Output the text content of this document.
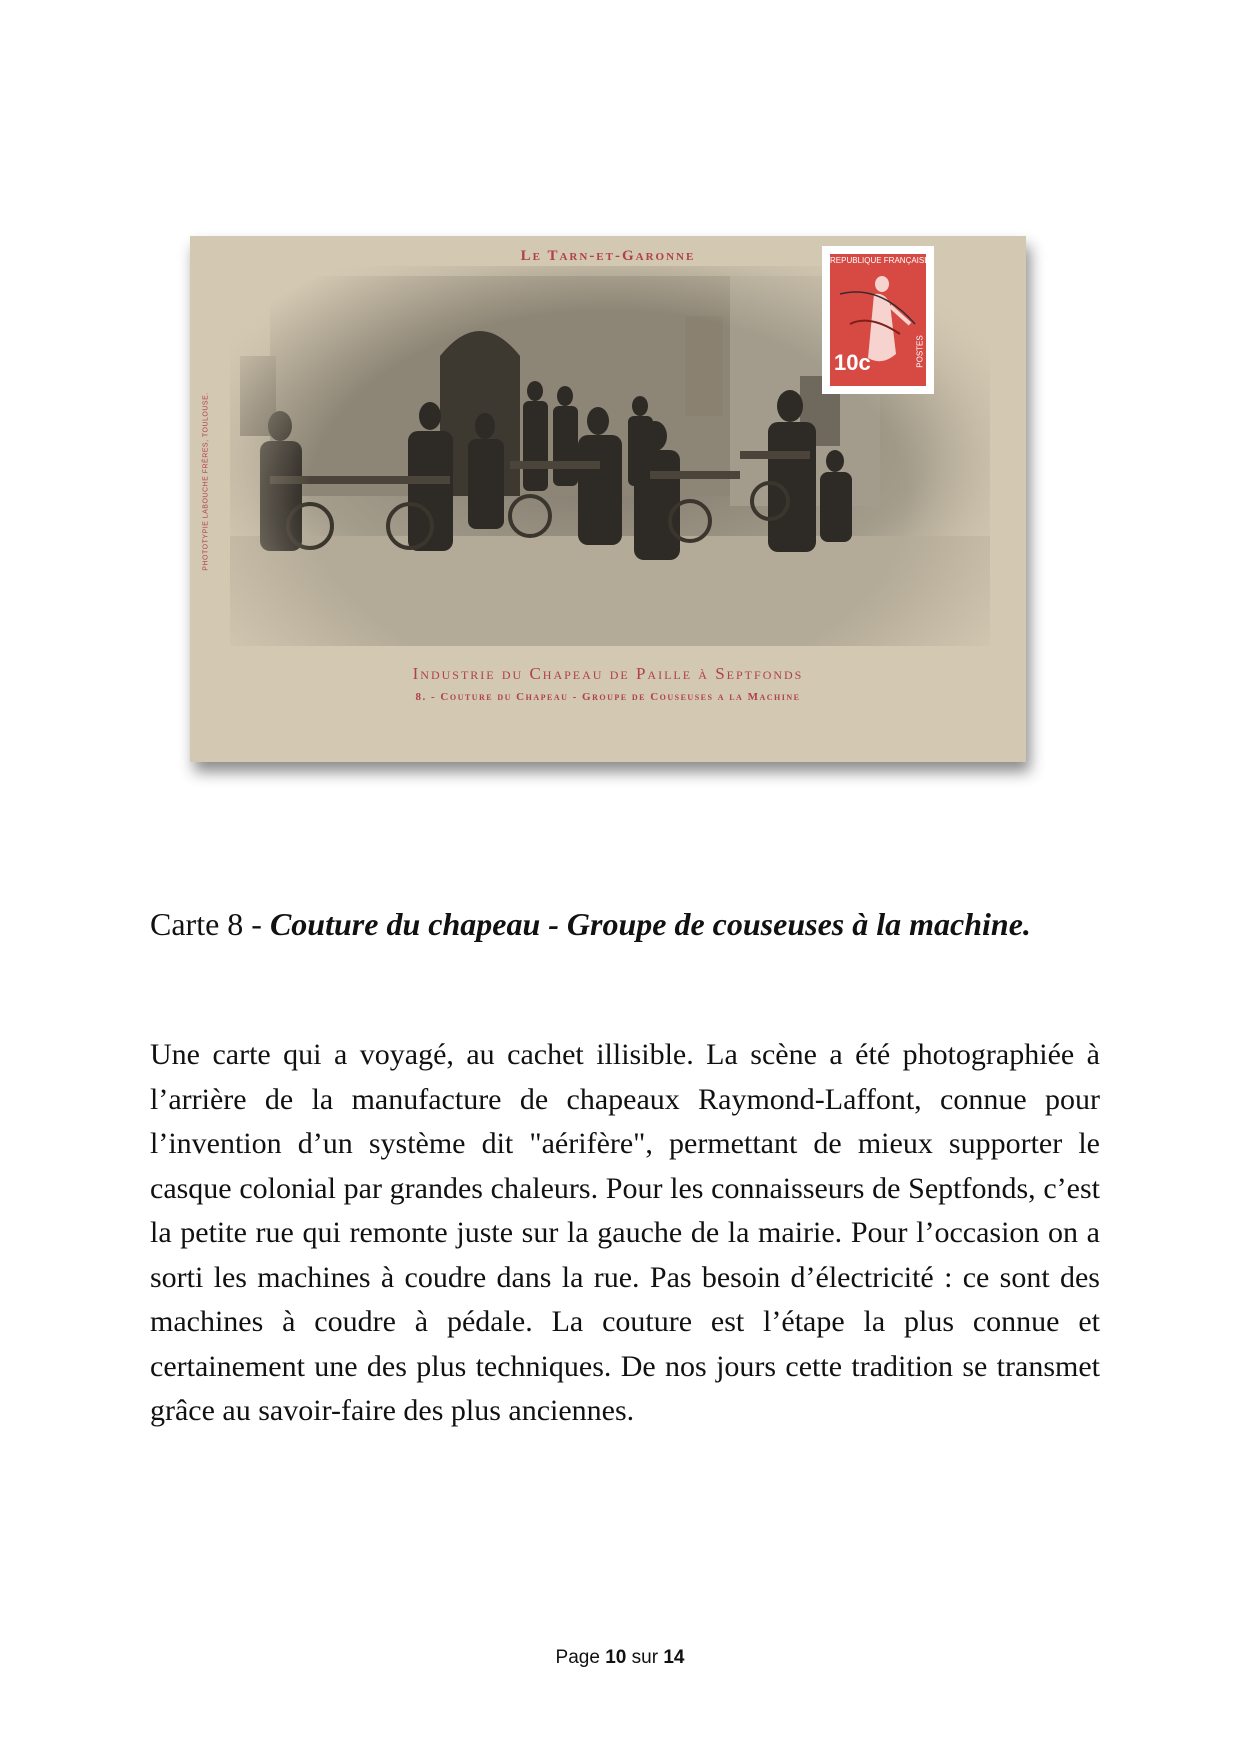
Le Tarn-et-Garonne
Industrie du Chapeau de Paille à Septfonds
8. - Couture du Chapeau - Groupe de Couseuses a la Machine
PHOTOTYPIE LABOUCHE FRÈRES, TOULOUSE.
REPUBLIQUE FRANÇAISE
10c	POSTES
Carte 8 - Couture du chapeau - Groupe de couseuses à la machine.

Une carte qui a voyagé, au cachet illisible. La scène a été photographiée à l’arrière de la manufacture de chapeaux Raymond-Laffont, connue pour l’invention d’un système dit "aérifère", permettant de mieux supporter le casque colonial par grandes chaleurs. Pour les connaisseurs de Septfonds, c’est la petite rue qui remonte juste sur la gauche de la mairie. Pour l’occasion on a sorti les machines à coudre dans la rue. Pas besoin d’électricité : ce sont des machines à coudre à pédale. La couture est l’étape la plus connue et certainement une des plus techniques. De nos jours cette tradition se transmet grâce au savoir-faire des plus anciennes.

Page 10 sur 14
